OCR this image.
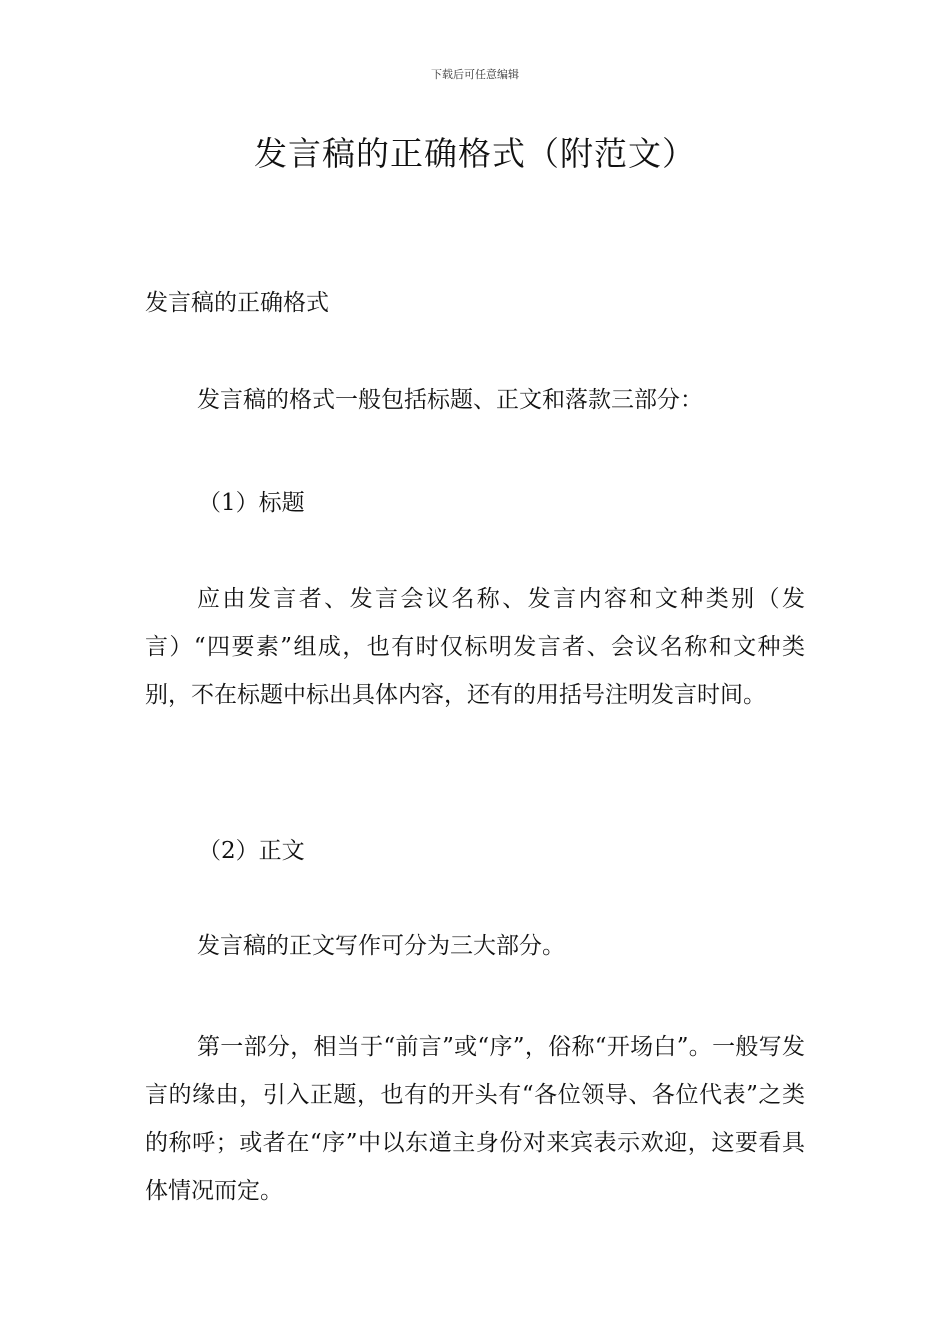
下载后可任意编辑
发言稿的正确格式（附范文）
发言稿的正确格式

发言稿的格式一般包括标题、正文和落款三部分：

（1）标题

应由发言者、发言会议名称、发言内容和文种类别（发言）“四要素”组成，也有时仅标明发言者、会议名称和文种类别，不在标题中标出具体内容，还有的用括号注明发言时间。

（2）正文

发言稿的正文写作可分为三大部分。

第一部分，相当于“前言”或“序”，俗称“开场白”。一般写发言的缘由，引入正题，也有的开头有“各位领导、各位代表”之类的称呼；或者在“序”中以东道主身份对来宾表示欢迎，这要看具体情况而定。
